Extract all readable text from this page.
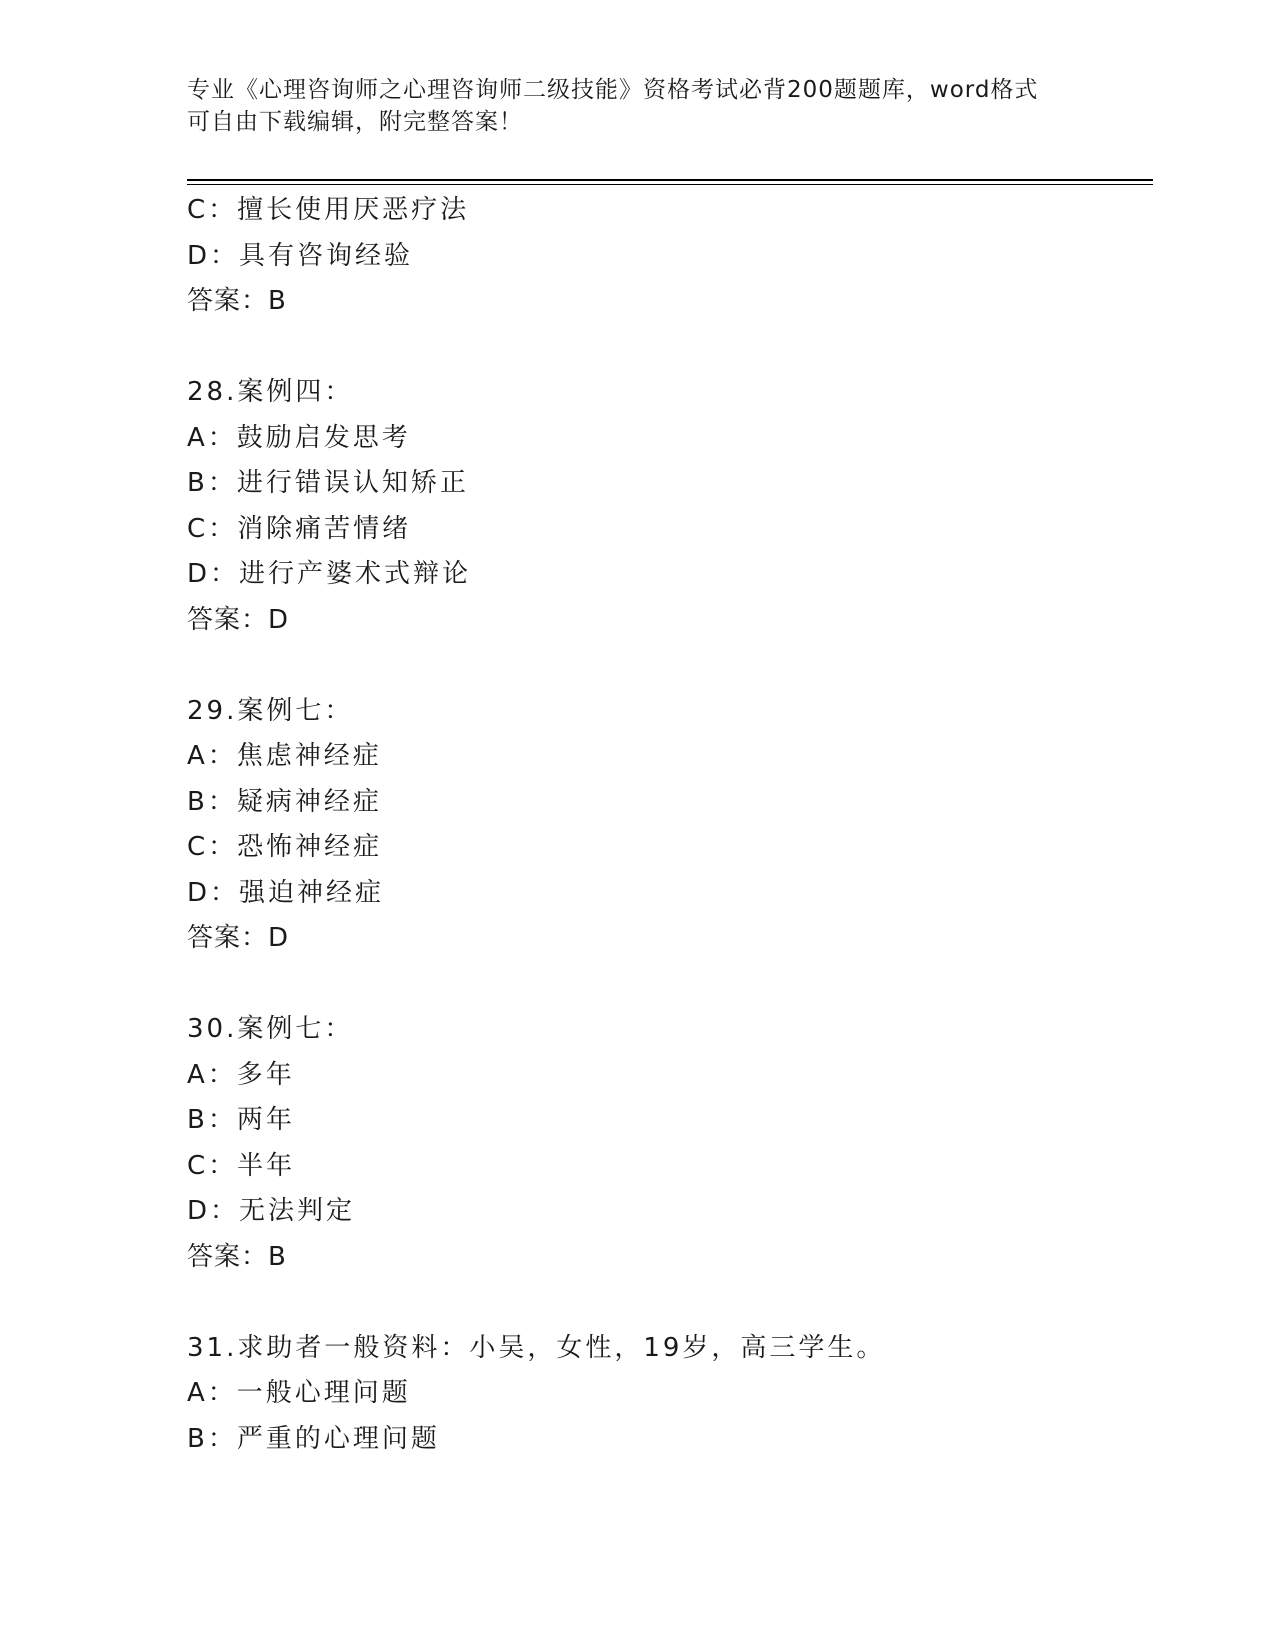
专业《心理咨询师之心理咨询师二级技能》资格考试必背200题题库，word格式
可自由下载编辑，附完整答案！
C：擅长使用厌恶疗法
D：具有咨询经验
答案：B
28.案例四：
A：鼓励启发思考
B：进行错误认知矫正
C：消除痛苦情绪
D：进行产婆术式辩论
答案：D
29.案例七：
A：焦虑神经症
B：疑病神经症
C：恐怖神经症
D：强迫神经症
答案：D
30.案例七：
A：多年
B：两年
C：半年
D：无法判定
答案：B
31.求助者一般资料：小吴，女性，19岁，高三学生。
A：一般心理问题
B：严重的心理问题
